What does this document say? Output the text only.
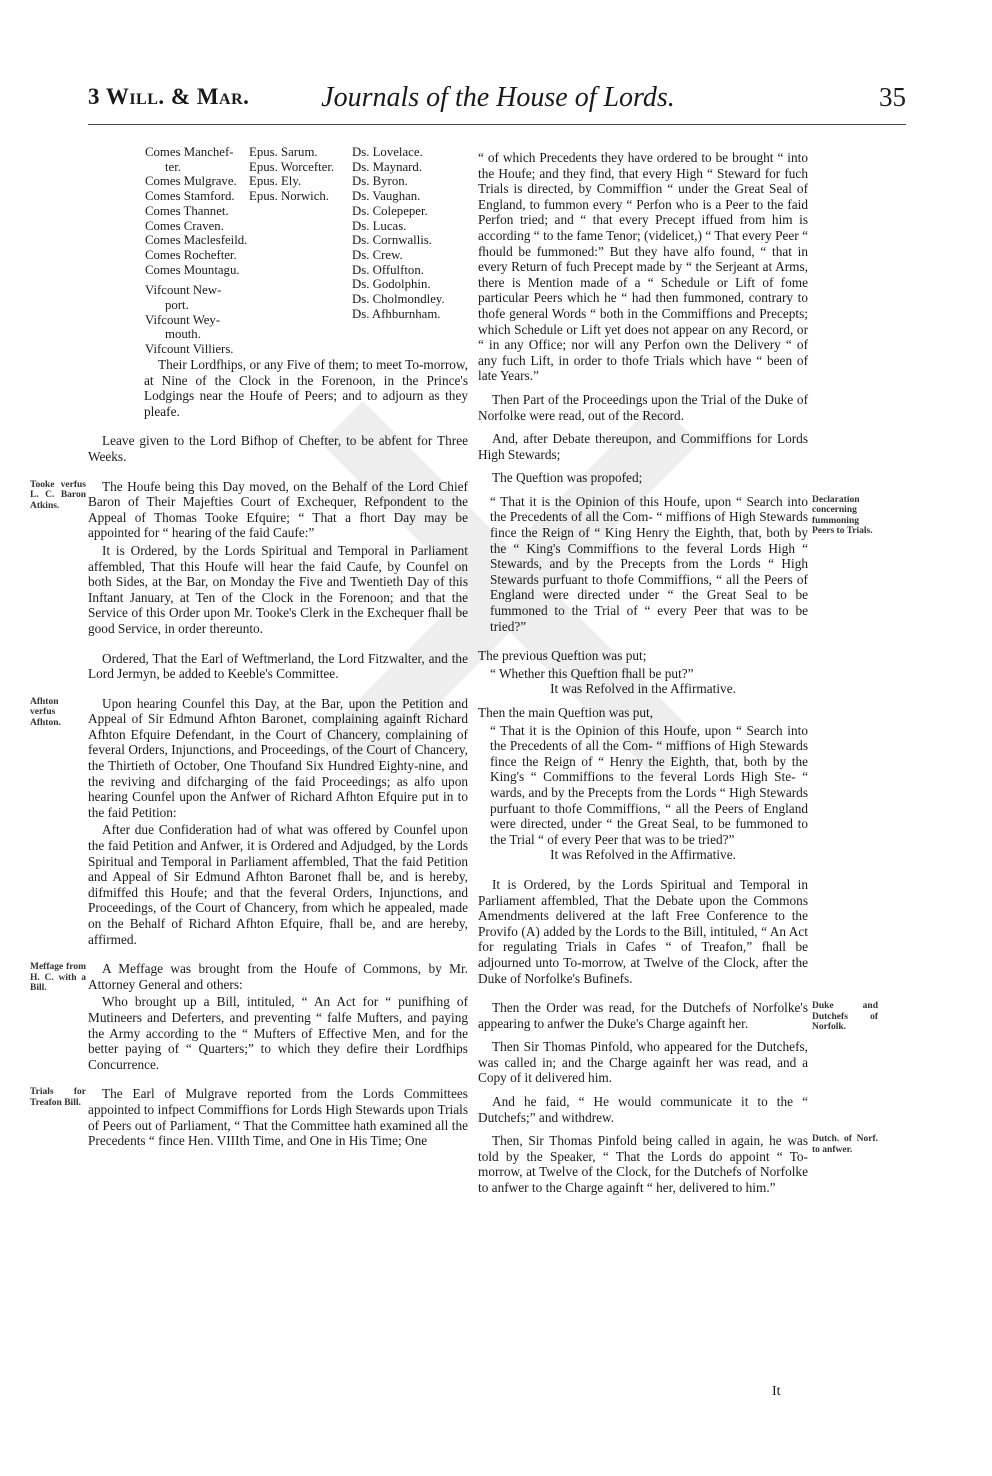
3 Will. & Mar.	Journals of the House of Lords.	35
Comes Manchef-
ter.
Comes Mulgrave.
Comes Stamford.
Comes Thannet.
Comes Craven.
Comes Maclesfeild.
Comes Rochefter.
Comes Mountagu.
Vifcount New-
port.
Vifcount Wey-
mouth.
Vifcount Villiers.
Epus. Sarum.
Epus. Worcefter.
Epus. Ely.
Epus. Norwich.
Ds. Lovelace.
Ds. Maynard.
Ds. Byron.
Ds. Vaughan.
Ds. Colepeper.
Ds. Lucas.
Ds. Cornwallis.
Ds. Crew.
Ds. Offulfton.
Ds. Godolphin.
Ds. Cholmondley.
Ds. Afhburnham.

Their Lordfhips, or any Five of them; to meet To-morrow, at Nine of the Clock in the Forenoon, in the Prince's Lodgings near the Houfe of Peers; and to adjourn as they pleafe.

Leave given to the Lord Bifhop of Chefter, to be abfent for Three Weeks.

Tooke verfus L. C. Baron Atkins.

The Houfe being this Day moved, on the Behalf of the Lord Chief Baron of Their Majefties Court of Exchequer, Refpondent to the Appeal of Thomas Tooke Efquire; “ That a fhort Day may be appointed for “ hearing of the faid Caufe:”

It is Ordered, by the Lords Spiritual and Temporal in Parliament affembled, That this Houfe will hear the faid Caufe, by Counfel on both Sides, at the Bar, on Monday the Five and Twentieth Day of this Inftant January, at Ten of the Clock in the Forenoon; and that the Service of this Order upon Mr. Tooke's Clerk in the Exchequer fhall be good Service, in order thereunto.

Ordered, That the Earl of Weftmerland, the Lord Fitzwalter, and the Lord Jermyn, be added to Keeble's Committee.

Afhton verfus Afhton.

Upon hearing Counfel this Day, at the Bar, upon the Petition and Appeal of Sir Edmund Afhton Baronet, complaining againft Richard Afhton Efquire Defendant, in the Court of Chancery, complaining of feveral Orders, Injunctions, and Proceedings, of the Court of Chancery, the Thirtieth of October, One Thoufand Six Hundred Eighty-nine, and the reviving and difcharging of the faid Proceedings; as alfo upon hearing Counfel upon the Anfwer of Richard Afhton Efquire put in to the faid Petition:

After due Confideration had of what was offered by Counfel upon the faid Petition and Anfwer, it is Ordered and Adjudged, by the Lords Spiritual and Temporal in Parliament affembled, That the faid Petition and Appeal of Sir Edmund Afhton Baronet fhall be, and is hereby, difmiffed this Houfe; and that the feveral Orders, Injunctions, and Proceedings, of the Court of Chancery, from which he appealed, made on the Behalf of Richard Afhton Efquire, fhall be, and are hereby, affirmed.

Meffage from H. C. with a Bill.

A Meffage was brought from the Houfe of Commons, by Mr. Attorney General and others:

Who brought up a Bill, intituled, “ An Act for “ punifhing of Mutineers and Deferters, and preventing “ falfe Mufters, and paying the Army according to the “ Mufters of Effective Men, and for the better paying of “ Quarters;” to which they defire their Lordfhips Concurrence.

Trials for Treafon Bill.

The Earl of Mulgrave reported from the Lords Committees appointed to infpect Commiffions for Lords High Stewards upon Trials of Peers out of Parliament, “ That the Committee hath examined all the Precedents “ fince Hen. VIIIth Time, and One in His Time; One

“ of which Precedents they have ordered to be brought “ into the Houfe; and they find, that every High “ Steward for fuch Trials is directed, by Commiffion “ under the Great Seal of England, to fummon every “ Perfon who is a Peer to the faid Perfon tried; and “ that every Precept iffued from him is according “ to the fame Tenor; (videlicet,) “ That every Peer “ fhould be fummoned:” But they have alfo found, “ that in every Return of fuch Precept made by “ the Serjeant at Arms, there is Mention made of a “ Schedule or Lift of fome particular Peers which he “ had then fummoned, contrary to thofe general Words “ both in the Commiffions and Precepts; which Schedule or Lift yet does not appear on any Record, or “ in any Office; nor will any Perfon own the Delivery “ of any fuch Lift, in order to thofe Trials which have “ been of late Years.”

Then Part of the Proceedings upon the Trial of the Duke of Norfolke were read, out of the Record.

And, after Debate thereupon, and Commiffions for Lords High Stewards;

The Queftion was propofed;

Declaration concerning fummoning Peers to Trials.

“ That it is the Opinion of this Houfe, upon “ Search into the Precedents of all the Com- “ miffions of High Stewards fince the Reign of “ King Henry the Eighth, that, both by the “ King's Commiffions to the feveral Lords High “ Stewards, and by the Precepts from the Lords “ High Stewards purfuant to thofe Commiffions, “ all the Peers of England were directed under “ the Great Seal to be fummoned to the Trial of “ every Peer that was to be tried?”

The previous Queftion was put;

“ Whether this Queftion fhall be put?”

It was Refolved in the Affirmative.

Then the main Queftion was put,

“ That it is the Opinion of this Houfe, upon “ Search into the Precedents of all the Com- “ miffions of High Stewards fince the Reign of “ Henry the Eighth, that, both by the King's “ Commiffions to the feveral Lords High Ste- “ wards, and by the Precepts from the Lords “ High Stewards purfuant to thofe Commiffions, “ all the Peers of England were directed, under “ the Great Seal, to be fummoned to the Trial “ of every Peer that was to be tried?”

It was Refolved in the Affirmative.

It is Ordered, by the Lords Spiritual and Temporal in Parliament affembled, That the Debate upon the Commons Amendments delivered at the laft Free Conference to the Provifo (A) added by the Lords to the Bill, intituled, “ An Act for regulating Trials in Cafes “ of Treafon,” fhall be adjourned unto To-morrow, at Twelve of the Clock, after the Duke of Norfolke's Bufinefs.

Duke and Dutchefs of Norfolk.

Then the Order was read, for the Dutchefs of Norfolke's appearing to anfwer the Duke's Charge againft her.

Then Sir Thomas Pinfold, who appeared for the Dutchefs, was called in; and the Charge againft her was read, and a Copy of it delivered him.

And he faid, “ He would communicate it to the “ Dutchefs;” and withdrew.

Dutch. of Norf. to anfwer.

Then, Sir Thomas Pinfold being called in again, he was told by the Speaker, “ That the Lords do appoint “ To-morrow, at Twelve of the Clock, for the Dutchefs of Norfolke to anfwer to the Charge againft “ her, delivered to him.”

It
